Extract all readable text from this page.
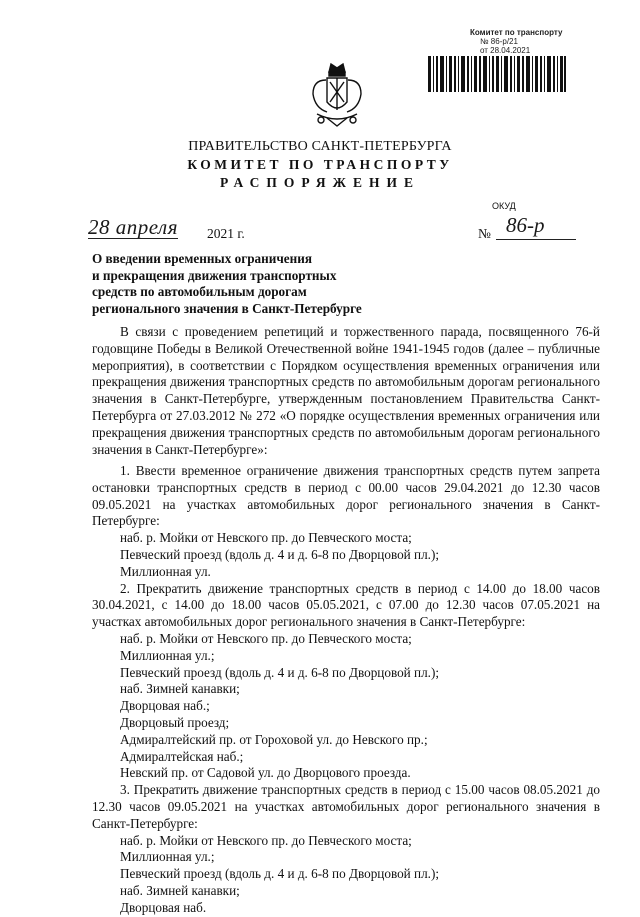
Комитет по транспорту
№ 86-р/21
от 28.04.2021
ПРАВИТЕЛЬСТВО САНКТ-ПЕТЕРБУРГА
КОМИТЕТ ПО ТРАНСПОРТУ
РАСПОРЯЖЕНИЕ
ОКУД
28 апреля 2021 г.	№ 86-р
О введении временных ограничения
и прекращения движения транспортных
средств по автомобильным дорогам
регионального значения в Санкт-Петербурге

В связи с проведением репетиций и торжественного парада, посвященного 76-й годовщине Победы в Великой Отечественной войне 1941-1945 годов (далее – публичные мероприятия), в соответствии с Порядком осуществления временных ограничения или прекращения движения транспортных средств по автомобильным дорогам регионального значения в Санкт-Петербурге, утвержденным постановлением Правительства Санкт-Петербурга от 27.03.2012 № 272 «О порядке осуществления временных ограничения или прекращения движения транспортных средств по автомобильным дорогам регионального значения в Санкт-Петербурге»:

1. Ввести временное ограничение движения транспортных средств путем запрета остановки транспортных средств в период с 00.00 часов 29.04.2021 до 12.30 часов 09.05.2021 на участках автомобильных дорог регионального значения в Санкт-Петербурге:

наб. р. Мойки от Невского пр. до Певческого моста;

Певческий проезд (вдоль д. 4 и д. 6-8 по Дворцовой пл.);

Миллионная ул.

2. Прекратить движение транспортных средств в период с 14.00 до 18.00 часов 30.04.2021, с 14.00 до 18.00 часов 05.05.2021, с 07.00 до 12.30 часов 07.05.2021 на участках автомобильных дорог регионального значения в Санкт-Петербурге:

наб. р. Мойки от Невского пр. до Певческого моста;

Миллионная ул.;

Певческий проезд (вдоль д. 4 и д. 6-8 по Дворцовой пл.);

наб. Зимней канавки;

Дворцовая наб.;

Дворцовый проезд;

Адмиралтейский пр. от Гороховой ул. до Невского пр.;

Адмиралтейская наб.;

Невский пр. от Садовой ул. до Дворцового проезда.

3. Прекратить движение транспортных средств в период с 15.00 часов 08.05.2021 до 12.30 часов 09.05.2021 на участках автомобильных дорог регионального значения в Санкт-Петербурге:

наб. р. Мойки от Невского пр. до Певческого моста;

Миллионная ул.;

Певческий проезд (вдоль д. 4 и д. 6-8 по Дворцовой пл.);

наб. Зимней канавки;

Дворцовая наб.
